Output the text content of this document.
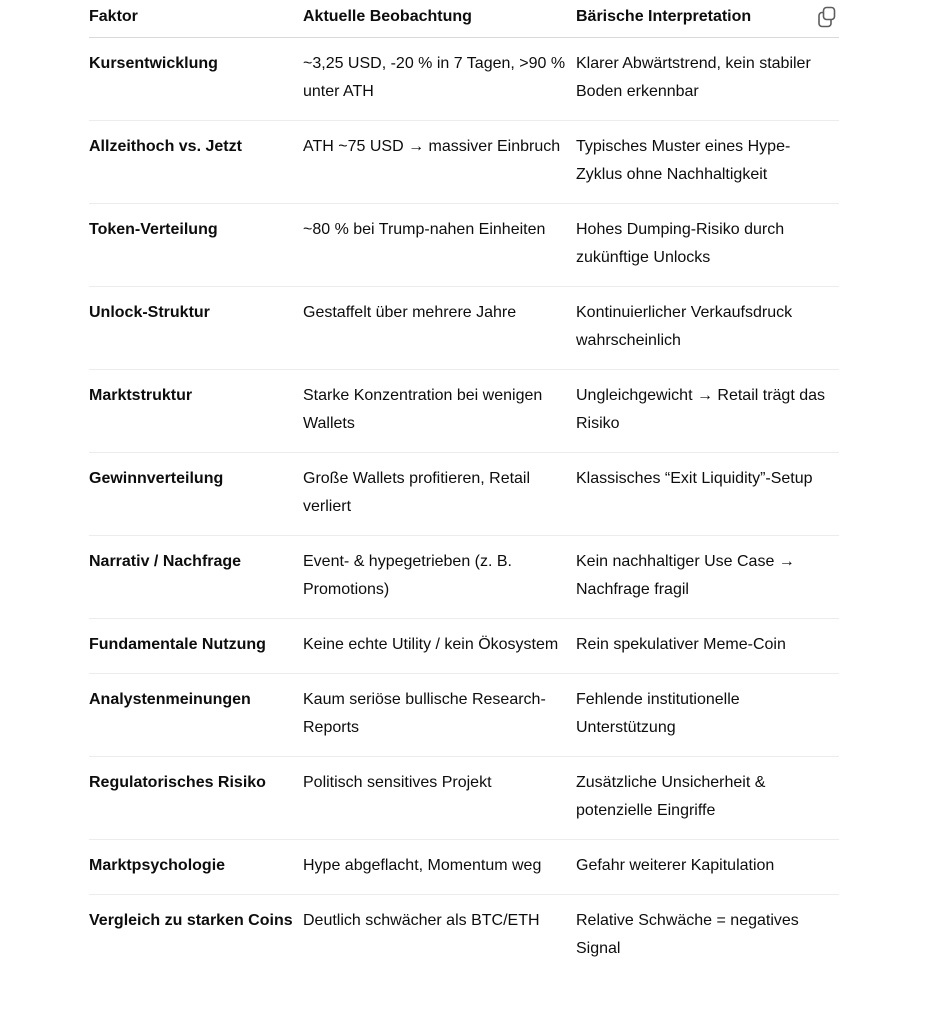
Faktor	Aktuelle Beobachtung	Bärische Interpretation
Kursentwicklung	~3,25 USD, -20 % in 7 Tagen, >90 % unter ATH	Klarer Abwärtstrend, kein stabiler Boden erkennbar
Allzeithoch vs. Jetzt	ATH ~75 USD → massiver Einbruch	Typisches Muster eines Hype-Zyklus ohne Nachhaltigkeit
Token-Verteilung	~80 % bei Trump-nahen Einheiten	Hohes Dumping-Risiko durch zukünftige Unlocks
Unlock-Struktur	Gestaffelt über mehrere Jahre	Kontinuierlicher Verkaufsdruck wahrscheinlich
Marktstruktur	Starke Konzentration bei wenigen Wallets	Ungleichgewicht → Retail trägt das Risiko
Gewinnverteilung	Große Wallets profitieren, Retail verliert	Klassisches “Exit Liquidity”-Setup
Narrativ / Nachfrage	Event- & hypegetrieben (z. B. Promotions)	Kein nachhaltiger Use Case → Nachfrage fragil
Fundamentale Nutzung	Keine echte Utility / kein Ökosystem	Rein spekulativer Meme-Coin
Analystenmeinungen	Kaum seriöse bullische Research-Reports	Fehlende institutionelle Unterstützung
Regulatorisches Risiko	Politisch sensitives Projekt	Zusätzliche Unsicherheit & potenzielle Eingriffe
Marktpsychologie	Hype abgeflacht, Momentum weg	Gefahr weiterer Kapitulation
Vergleich zu starken Coins	Deutlich schwächer als BTC/ETH	Relative Schwäche = negatives Signal
